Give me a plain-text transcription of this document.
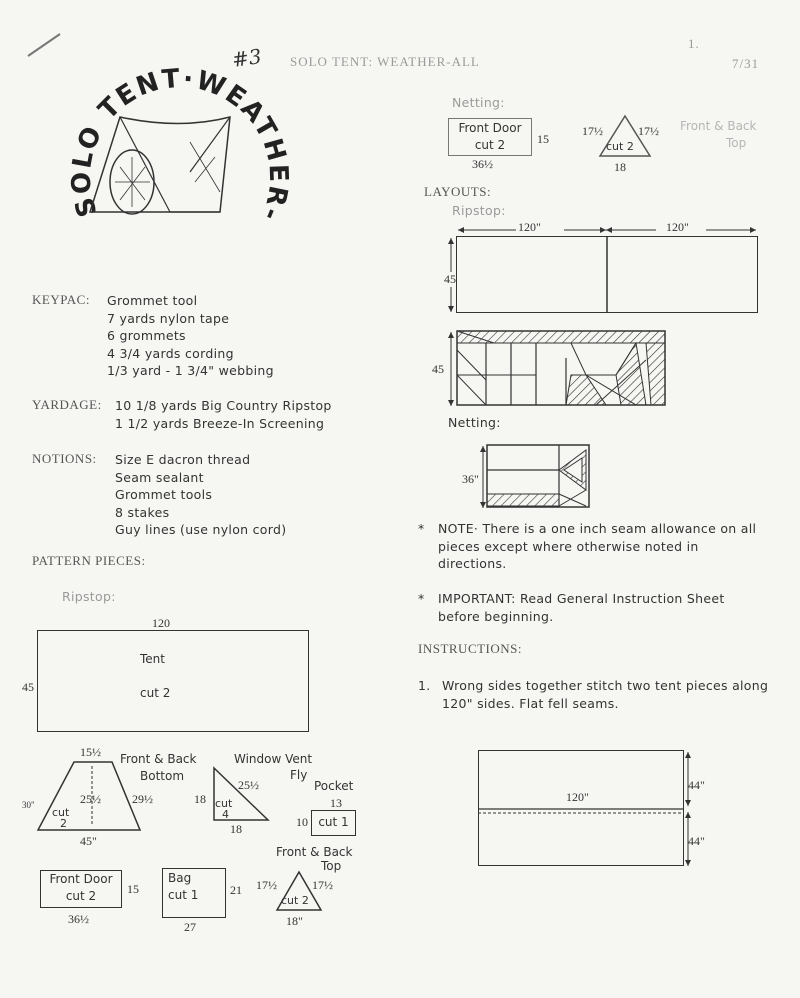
#3 SOLO TENT: WEATHER-ALL
1.
7/31
SOLO TENT·WEATHER-ALL
KEYPAC: Grommet tool
7 yards nylon tape
6 grommets
4 3/4 yards cording
1/3 yard - 1 3/4" webbing
YARDAGE: 10 1/8 yards Big Country Ripstop
1 1/2 yards Breeze-In Screening
NOTIONS: Size E dacron thread
Seam sealant
Grommet tools
8 stakes
Guy lines (use nylon cord)
PATTERN PIECES:
Ripstop:
120
45
Tent
cut 2
15½
25½	29½
45"
30"
cut
2
Front & Back
Bottom
Window Vent
25½
18
18
cut
4
Fly
Pocket
13
10 cut 1
Front Door
cut 2	15
36½
Bag
cut 1	21
27
Front & Back
Top
17½	17½
cut 2
18"
Netting:
Front Door
cut 2	15
36½
17½	17½
cut 2
18
Front & Back
Top
LAYOUTS:
Ripstop:
120"	120"
45
45
Netting:
36"
* NOTE· There is a one inch seam allowance on all pieces except where otherwise noted in directions.
* IMPORTANT: Read General Instruction Sheet before beginning.
INSTRUCTIONS:
1. Wrong sides together stitch two tent pieces along 120" sides. Flat fell seams.
120"
44"
44"
